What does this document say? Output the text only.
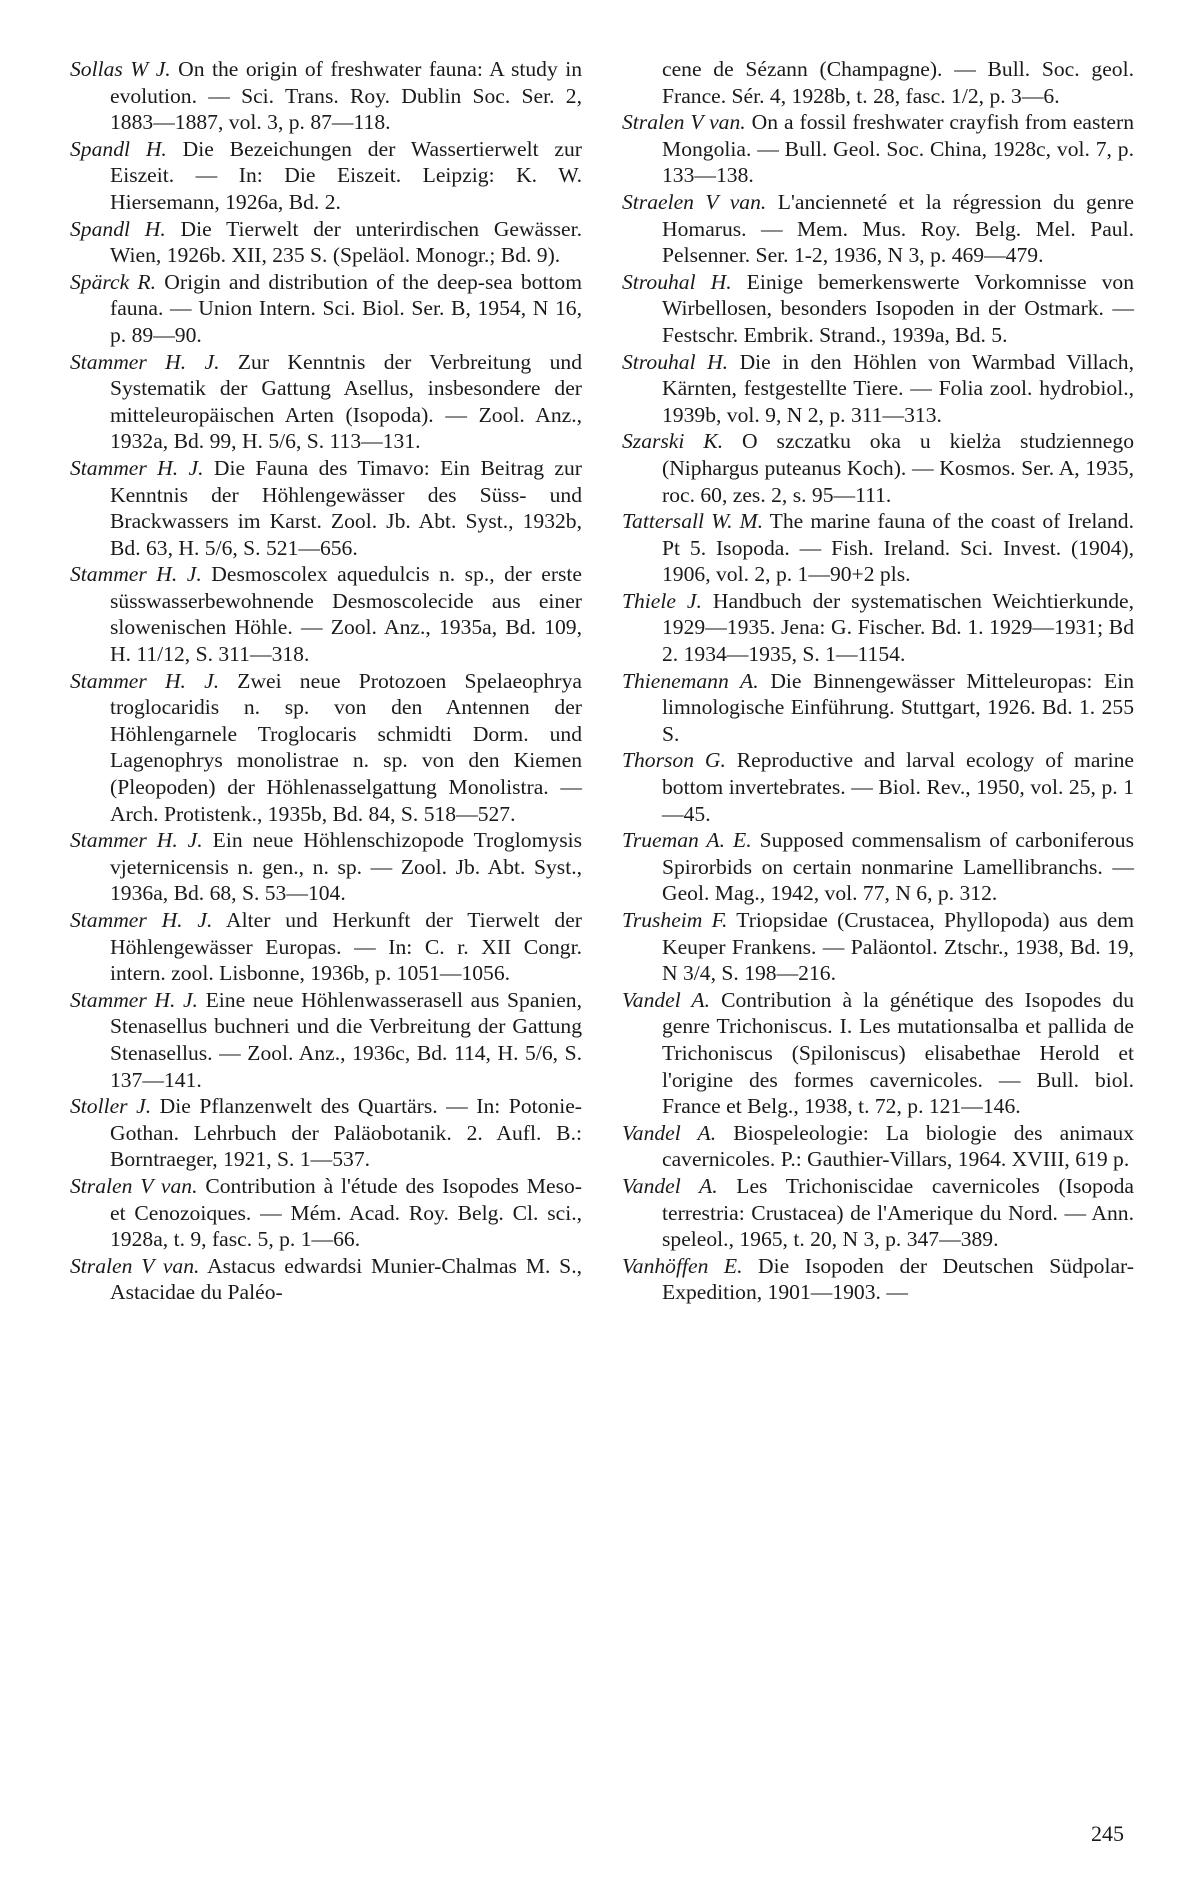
Sollas W J. On the origin of freshwater fauna: A study in evolution. — Sci. Trans. Roy. Dublin Soc. Ser. 2, 1883—1887, vol. 3, p. 87—118.

Spandl H. Die Bezeichungen der Wassertierwelt zur Eiszeit. — In: Die Eiszeit. Leipzig: K. W. Hiersemann, 1926a, Bd. 2.

Spandl H. Die Tierwelt der unterirdischen Gewässer. Wien, 1926b. XII, 235 S. (Speläol. Monogr.; Bd. 9).

Spärck R. Origin and distribution of the deep-sea bottom fauna. — Union Intern. Sci. Biol. Ser. B, 1954, N 16, p. 89—90.

Stammer H. J. Zur Kenntnis der Verbreitung und Systematik der Gattung Asellus, insbesondere der mitteleuropäischen Arten (Isopoda). — Zool. Anz., 1932a, Bd. 99, H. 5/6, S. 113—131.

Stammer H. J. Die Fauna des Timavo: Ein Beitrag zur Kenntnis der Höhlengewässer des Süss- und Brackwassers im Karst. Zool. Jb. Abt. Syst., 1932b, Bd. 63, H. 5/6, S. 521—656.

Stammer H. J. Desmoscolex aquedulcis n. sp., der erste süsswasserbewohnende Desmoscolecide aus einer slowenischen Höhle. — Zool. Anz., 1935a, Bd. 109, H. 11/12, S. 311—318.

Stammer H. J. Zwei neue Protozoen Spelaeophrya troglocaridis n. sp. von den Antennen der Höhlengarnele Troglocaris schmidti Dorm. und Lagenophrys monolistrae n. sp. von den Kiemen (Pleopoden) der Höhlenasselgattung Monolistra. — Arch. Protistenk., 1935b, Bd. 84, S. 518—527.

Stammer H. J. Ein neue Höhlenschizopode Troglomysis vjeternicensis n. gen., n. sp. — Zool. Jb. Abt. Syst., 1936a, Bd. 68, S. 53—104.

Stammer H. J. Alter und Herkunft der Tierwelt der Höhlengewässer Europas. — In: C. r. XII Congr. intern. zool. Lisbonne, 1936b, p. 1051—1056.

Stammer H. J. Eine neue Höhlenwasserasell aus Spanien, Stenasellus buchneri und die Verbreitung der Gattung Stenasellus. — Zool. Anz., 1936c, Bd. 114, H. 5/6, S. 137—141.

Stoller J. Die Pflanzenwelt des Quartärs. — In: Potonie-Gothan. Lehrbuch der Paläobotanik. 2. Aufl. B.: Borntraeger, 1921, S. 1—537.

Stralen V van. Contribution à l'étude des Isopodes Meso- et Cenozoiques. — Mém. Acad. Roy. Belg. Cl. sci., 1928a, t. 9, fasc. 5, p. 1—66.

Stralen V van. Astacus edwardsi Munier-Chalmas M. S., Astacidae du Paléo-

cene de Sézann (Champagne). — Bull. Soc. geol. France. Sér. 4, 1928b, t. 28, fasc. 1/2, p. 3—6.

Stralen V van. On a fossil freshwater crayfish from eastern Mongolia. — Bull. Geol. Soc. China, 1928c, vol. 7, p. 133—138.

Straelen V van. L'ancienneté et la régression du genre Homarus. — Mem. Mus. Roy. Belg. Mel. Paul. Pelsenner. Ser. 1-2, 1936, N 3, p. 469—479.

Strouhal H. Einige bemerkenswerte Vorkomnisse von Wirbellosen, besonders Isopoden in der Ostmark. — Festschr. Embrik. Strand., 1939a, Bd. 5.

Strouhal H. Die in den Höhlen von Warmbad Villach, Kärnten, festgestellte Tiere. — Folia zool. hydrobiol., 1939b, vol. 9, N 2, p. 311—313.

Szarski K. O szczatku oka u kielża studziennego (Niphargus puteanus Koch). — Kosmos. Ser. A, 1935, roc. 60, zes. 2, s. 95—111.

Tattersall W. M. The marine fauna of the coast of Ireland. Pt 5. Isopoda. — Fish. Ireland. Sci. Invest. (1904), 1906, vol. 2, p. 1—90+2 pls.

Thiele J. Handbuch der systematischen Weichtierkunde, 1929—1935. Jena: G. Fischer. Bd. 1. 1929—1931; Bd 2. 1934—1935, S. 1—1154.

Thienemann A. Die Binnengewässer Mitteleuropas: Ein limnologische Einführung. Stuttgart, 1926. Bd. 1. 255 S.

Thorson G. Reproductive and larval ecology of marine bottom invertebrates. — Biol. Rev., 1950, vol. 25, p. 1—45.

Trueman A. E. Supposed commensalism of carboniferous Spirorbids on certain nonmarine Lamellibranchs. — Geol. Mag., 1942, vol. 77, N 6, p. 312.

Trusheim F. Triopsidae (Crustacea, Phyllopoda) aus dem Keuper Frankens. — Paläontol. Ztschr., 1938, Bd. 19, N 3/4, S. 198—216.

Vandel A. Contribution à la génétique des Isopodes du genre Trichoniscus. I. Les mutationsalba et pallida de Trichoniscus (Spiloniscus) elisabethae Herold et l'origine des formes cavernicoles. — Bull. biol. France et Belg., 1938, t. 72, p. 121—146.

Vandel A. Biospeleologie: La biologie des animaux cavernicoles. P.: Gauthier-Villars, 1964. XVIII, 619 p.

Vandel A. Les Trichoniscidae cavernicoles (Isopoda terrestria: Crustacea) de l'Amerique du Nord. — Ann. speleol., 1965, t. 20, N 3, p. 347—389.

Vanhöffen E. Die Isopoden der Deutschen Südpolar-Expedition, 1901—1903. —

245
